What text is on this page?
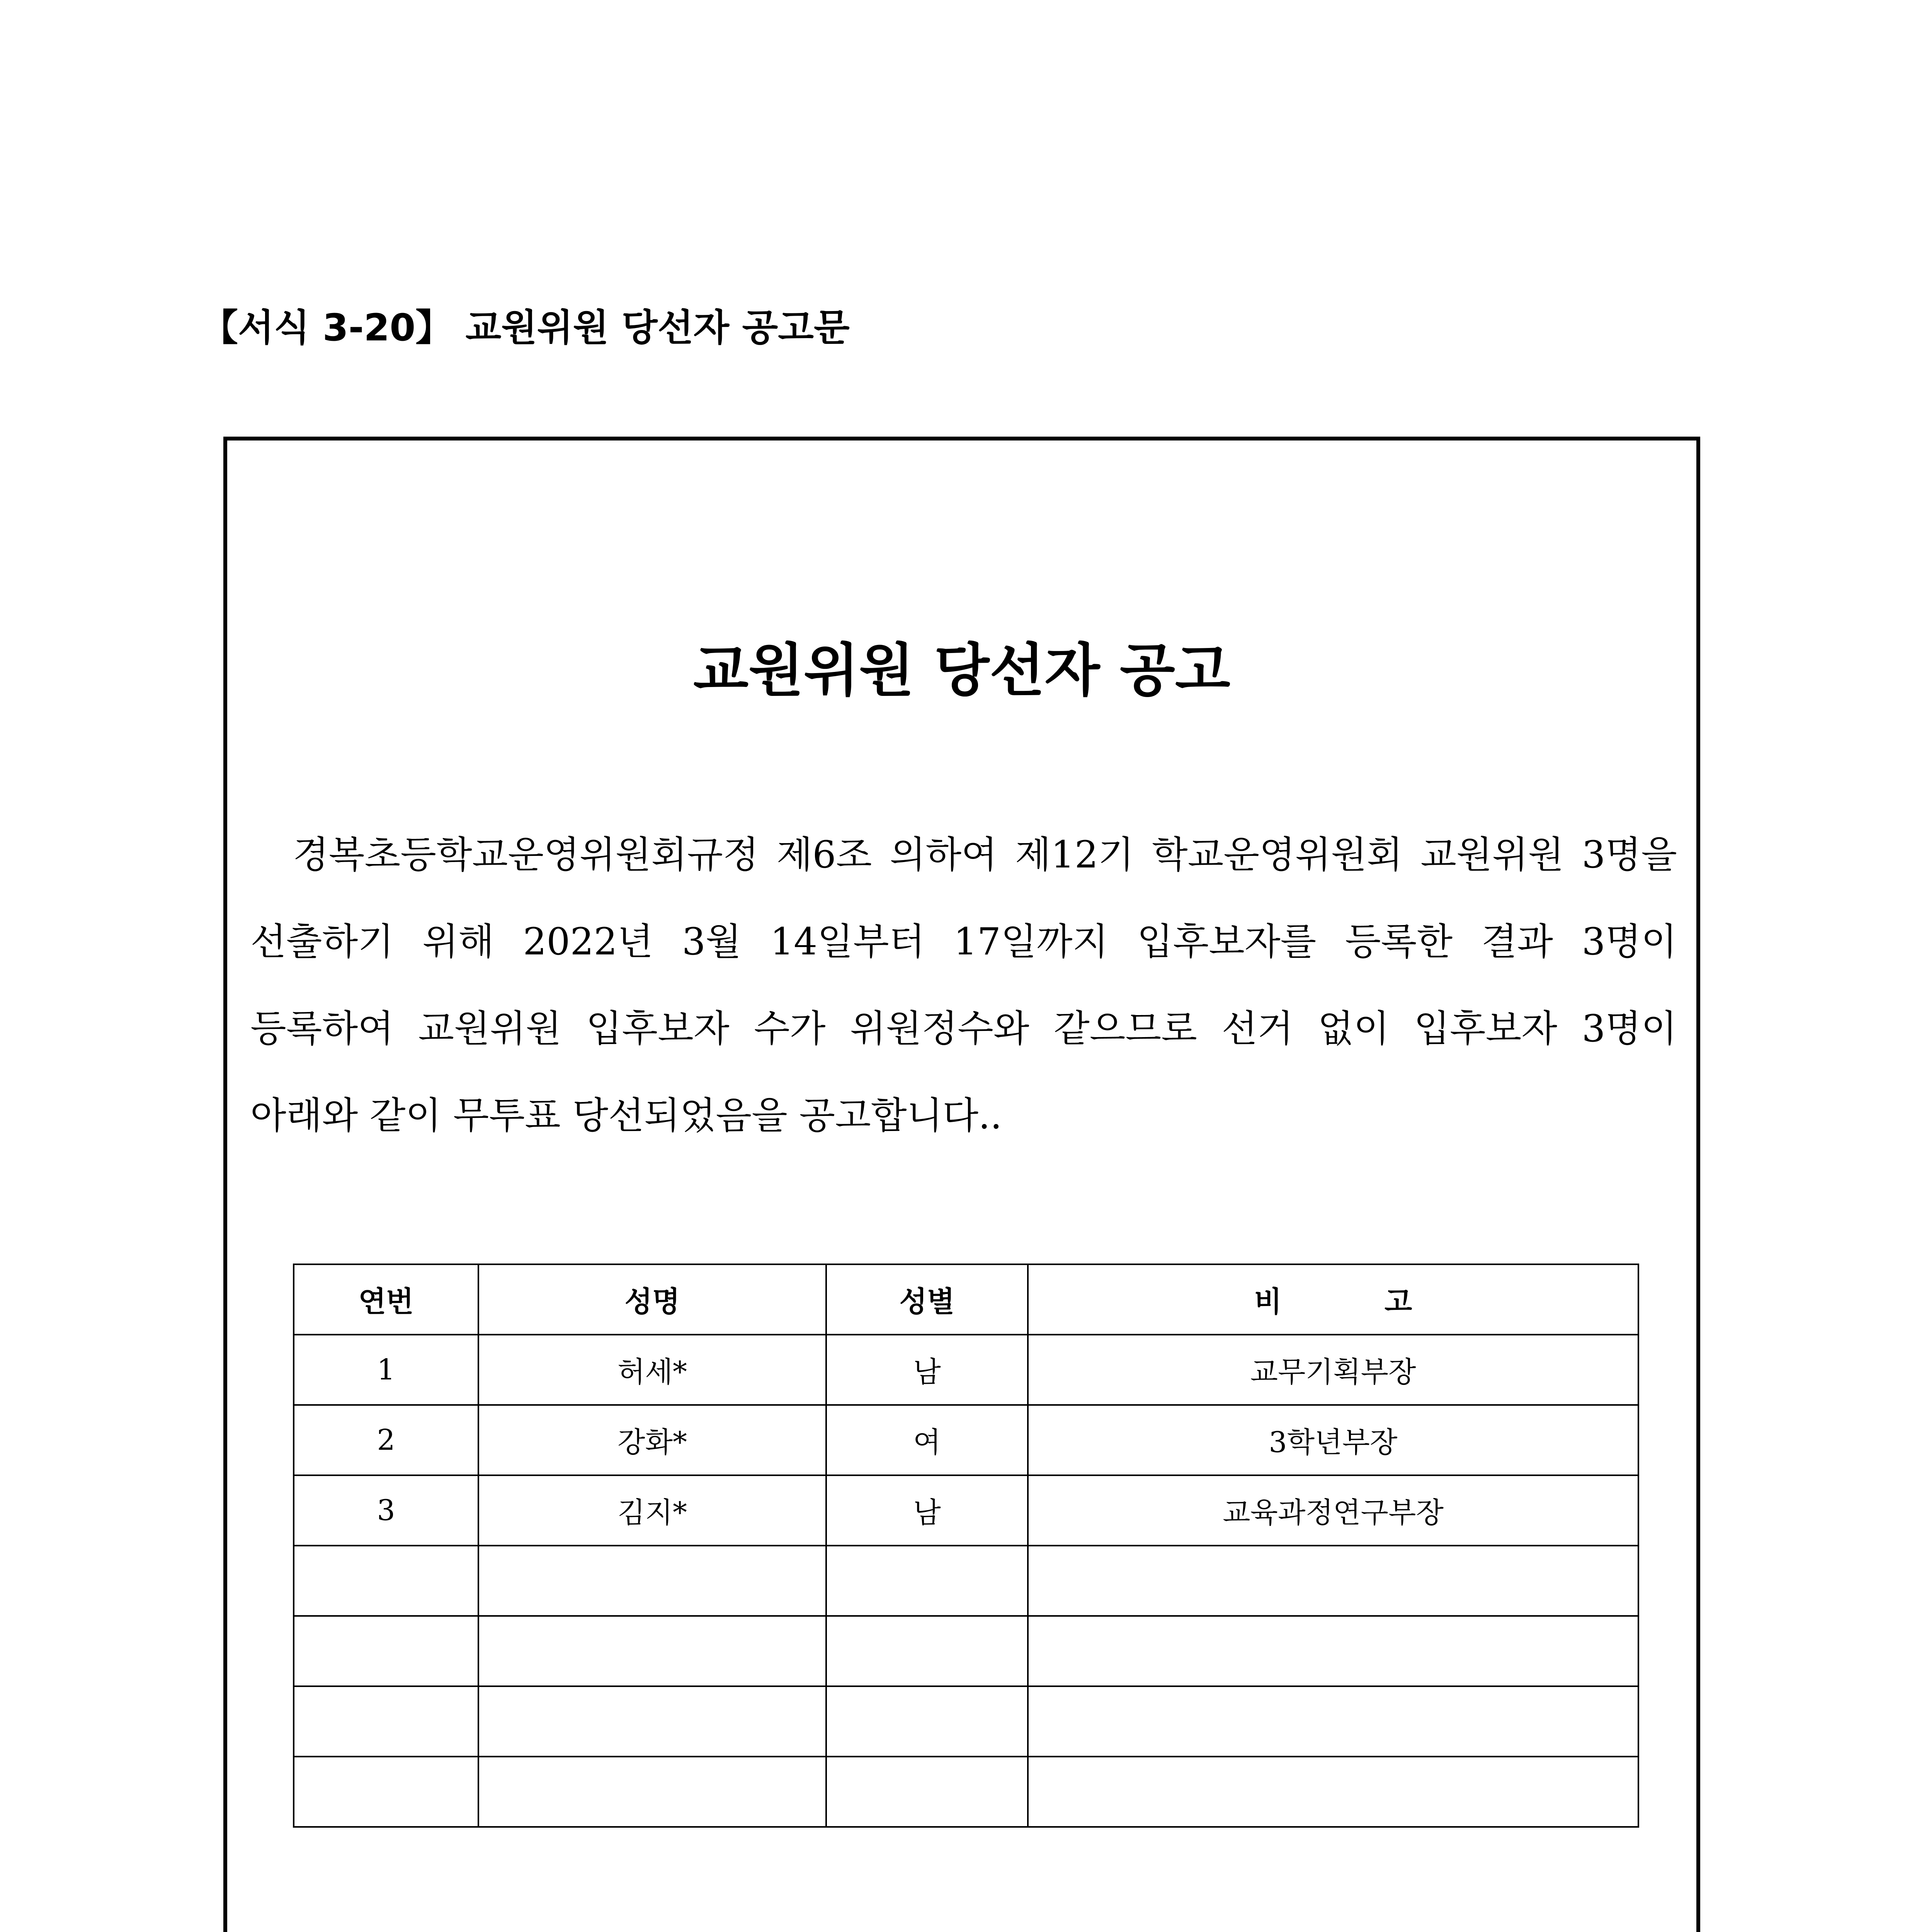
【서식 3-20】 교원위원 당선자 공고문

교원위원 당선자 공고

경복초등학교운영위원회규정 제6조 의하여 제12기 학교운영위원회 교원위원 3명을 선출하기 위해 2022년 3월 14일부터 17일까지 입후보자를 등록한 결과 3명이 등록하여 교원위원 입후보자 수가 위원정수와 같으므로 선거 없이 입후보자 3명이 아래와 같이 무투표 당선되었음을 공고합니다..

연번	성명	성별	비 고
1	허세*	남	교무기획부장
2	강화*	여	3학년부장
3	김지*	남	교육과정연구부장
